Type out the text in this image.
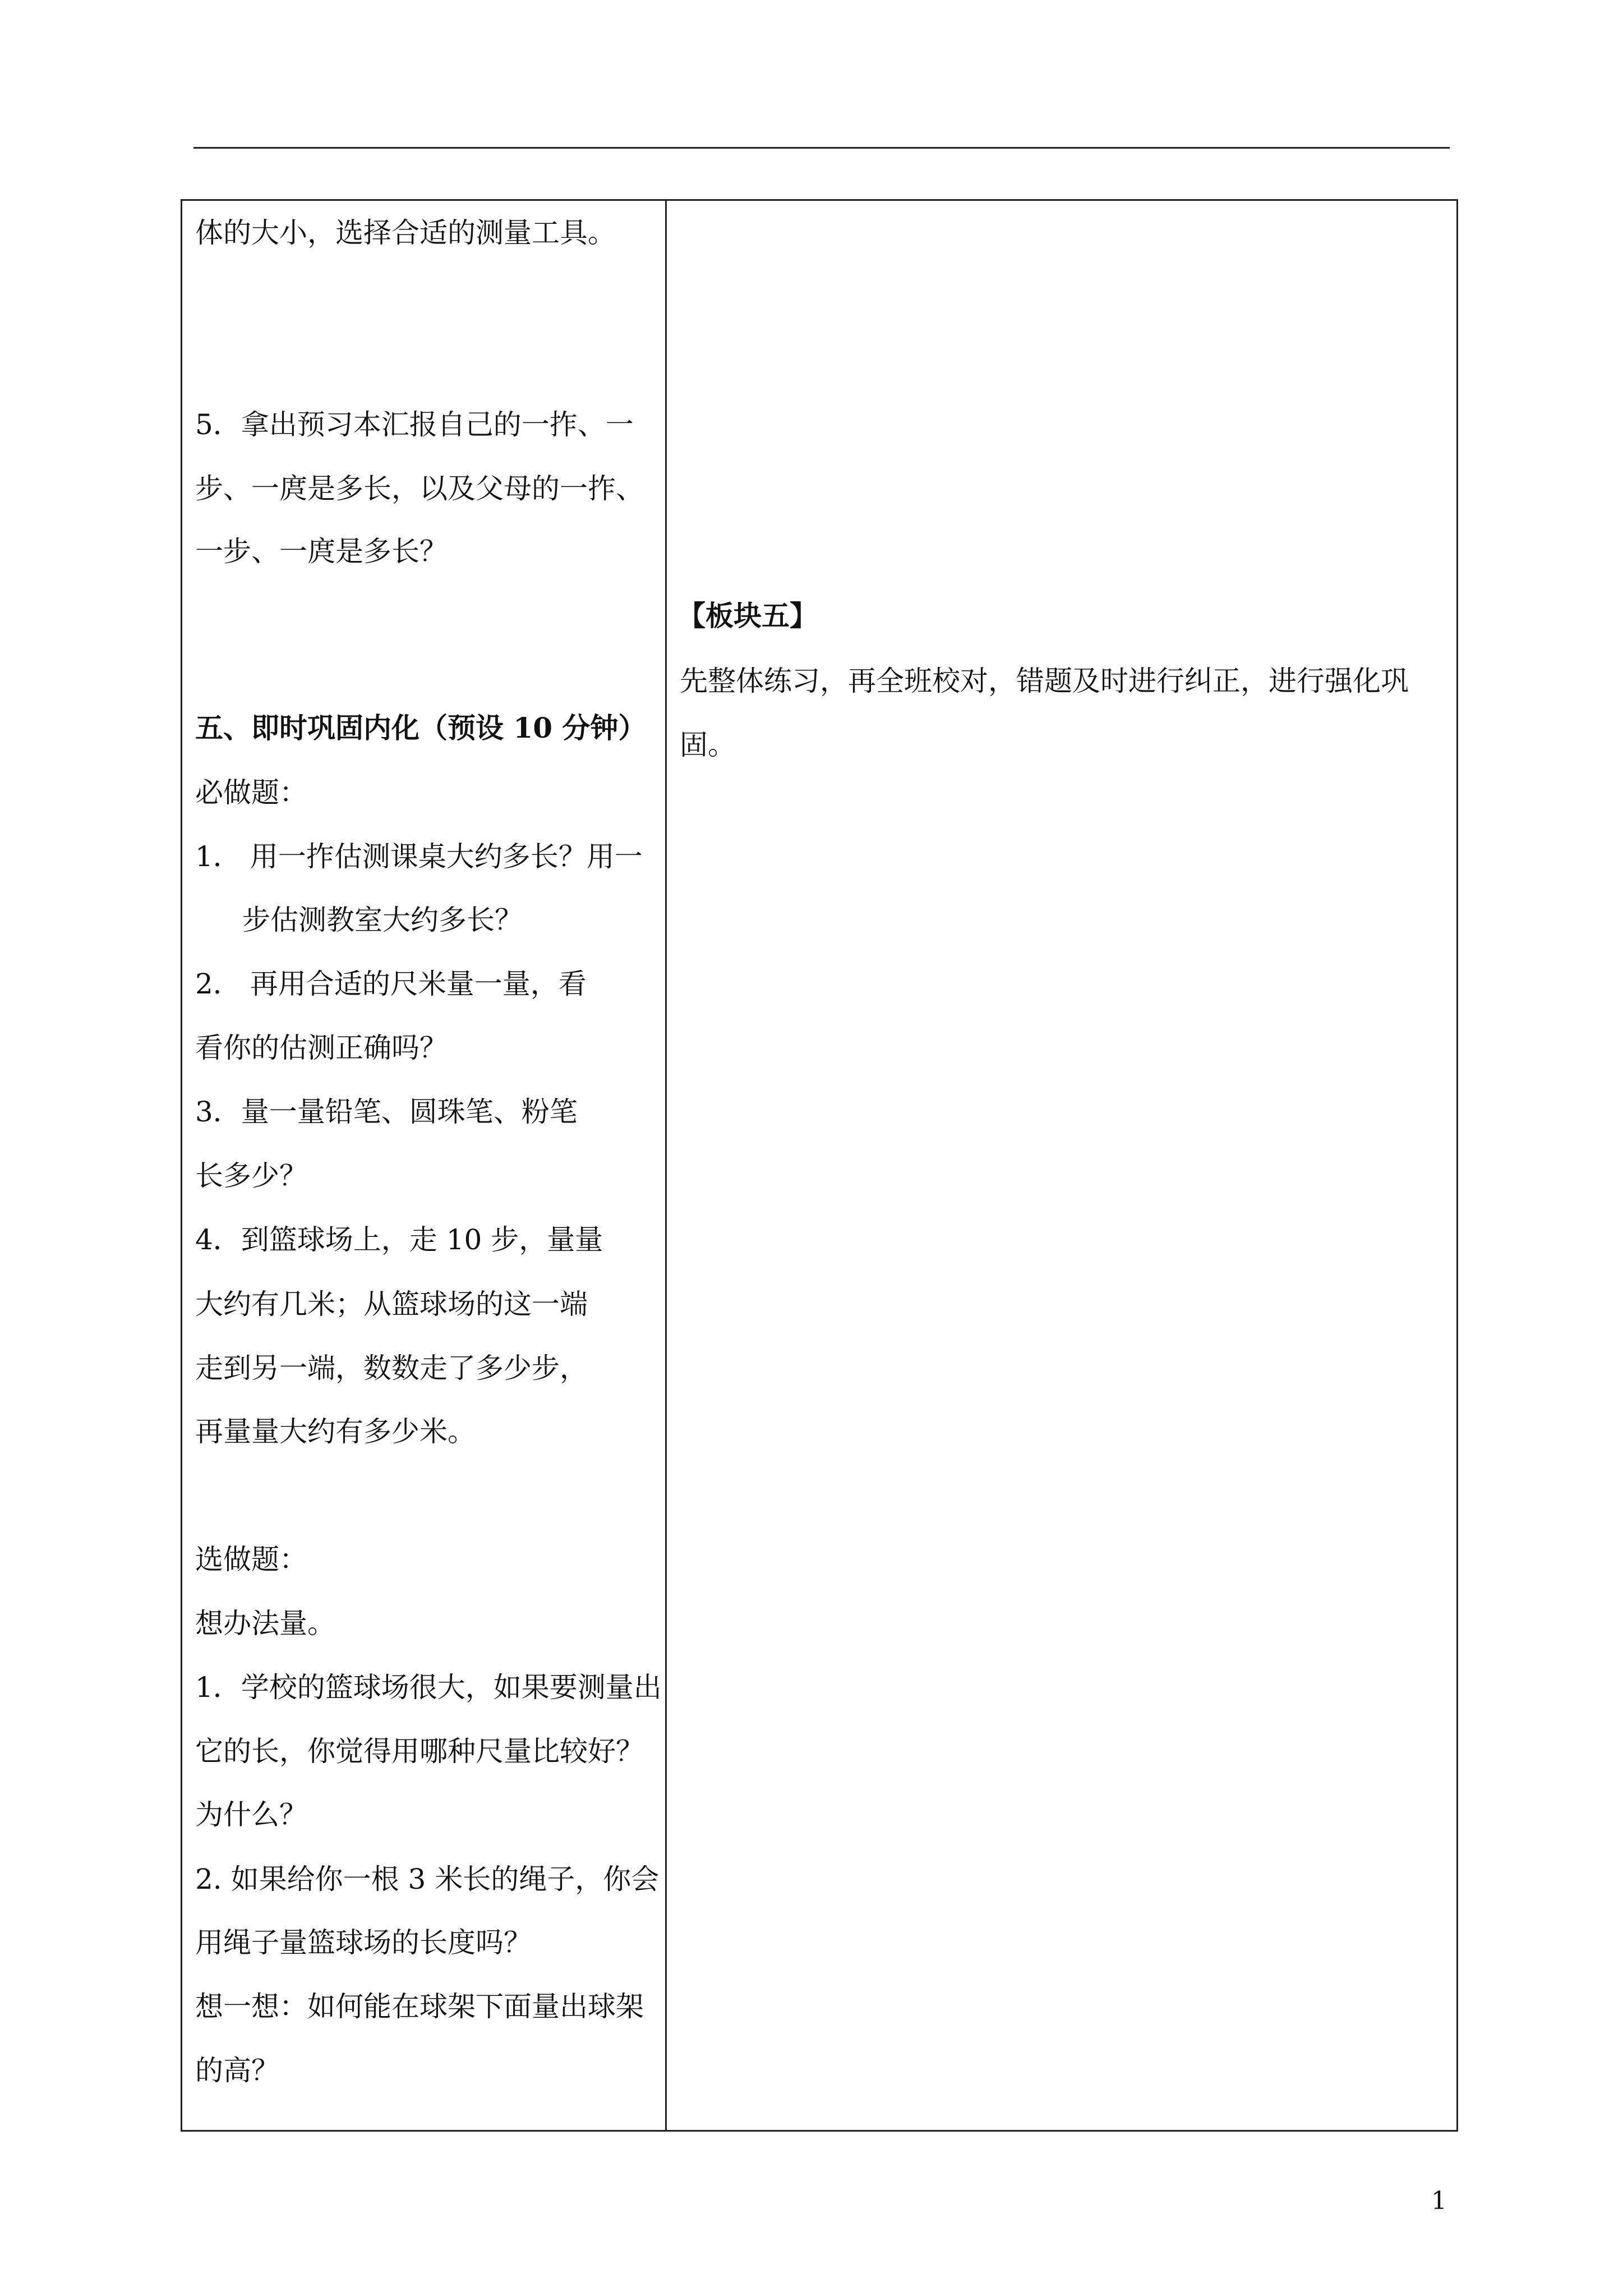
体的大小，选择合适的测量工具。
5．拿出预习本汇报自己的一拃、一
步、一庹是多长，以及父母的一拃、
一步、一庹是多长？
五、即时巩固内化（预设 10 分钟）
必做题：
1． 用一拃估测课桌大约多长？用一
步估测教室大约多长？
2． 再用合适的尺米量一量，看
看你的估测正确吗？
3．量一量铅笔、圆珠笔、粉笔
长多少？
4．到篮球场上，走 10 步，量量
大约有几米；从篮球场的这一端
走到另一端，数数走了多少步，
再量量大约有多少米。
选做题：
想办法量。
1．学校的篮球场很大，如果要测量出
它的长，你觉得用哪种尺量比较好？
为什么？
2. 如果给你一根 3 米长的绳子，你会
用绳子量篮球场的长度吗？
想一想：如何能在球架下面量出球架
的高？
【板块五】
先整体练习，再全班校对，错题及时进行纠正，进行强化巩
固。
1
